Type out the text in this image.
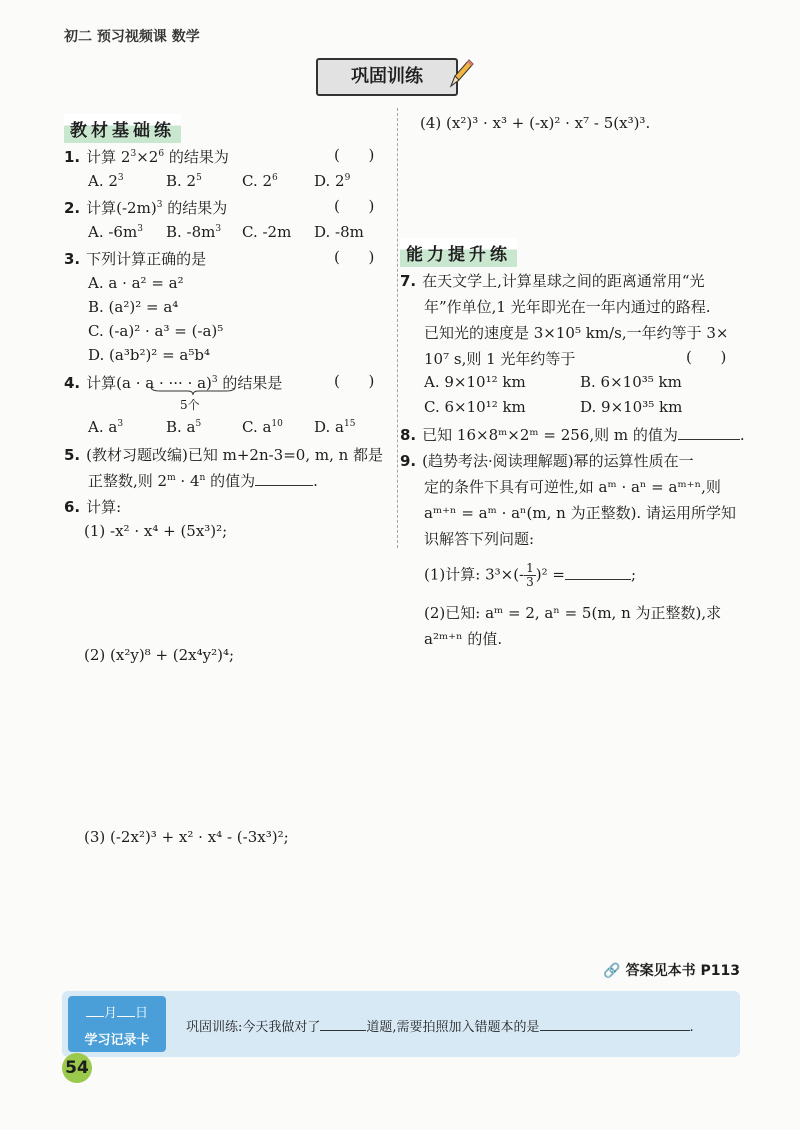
初二 预习视频课 数学
巩固训练
教材基础练
1. 计算 $2^3\times 2^6$ 的结果为	(      )
A. $2^3$	B. $2^5$	C. $2^6$ D. $2^9$
2. 计算$(-2m)^3$ 的结果为	(      )
A. $-6m^3$ B. $-8m^3$ C. -2m D. -8m
3. 下列计算正确的是	(      )
A. a · a² = a²
B. (a²)² = a⁴
C. (-a)² · a³ = (-a)⁵
D. (a³b²)² = a⁵b⁴
4. 计算(a · a · ··· · a)$^3$ 的结果是
5个
(      )
A. $a^3$	B. $a^5$	C. $a^{10}$ D. $a^{15}$
5. (教材习题改编)已知 m+2n-3=0, m, n 都是
正整数,则 $2^m \cdot 4^n$ 的值为	.
6. 计算:
(1) -x² · x⁴ + (5x³)²;
(2) (x²y)⁸ + (2x⁴y²)⁴;
(3) (-2x²)³ + x² · x⁴ - (-3x³)²;
(4) (x²)³ · x³ + (-x)² · x⁷ - 5(x³)³.
能力提升练
7. 在天文学上,计算星球之间的距离通常用“光
年”作单位,1 光年即光在一年内通过的路程.
已知光的速度是 3×10⁵ km/s,一年约等于 3×
10⁷ s,则 1 光年约等于	(      )
A. 9×10¹² km	B. 6×10³⁵ km
C. 6×10¹² km	D. 9×10³⁵ km
8. 已知 16×8ᵐ×2ᵐ = 256,则 m 的值为	.
9. (趋势考法·阅读理解题)幂的运算性质在一
定的条件下具有可逆性,如 aᵐ · aⁿ = aᵐ⁺ⁿ,则
aᵐ⁺ⁿ = aᵐ · aⁿ(m, n 为正整数). 请运用所学知
识解答下列问题:
(1)计算: $3^3\times(- \frac{1}{3} )^2$ =	;
(2)已知: aᵐ = 2, aⁿ = 5(m, n 为正整数),求
a²ᵐ⁺ⁿ 的值.
🔗 答案见本书 P113
月 日
学习记录卡
巩固训练:今天我做对了	道题,需要拍照加入错题本的是	.
54
